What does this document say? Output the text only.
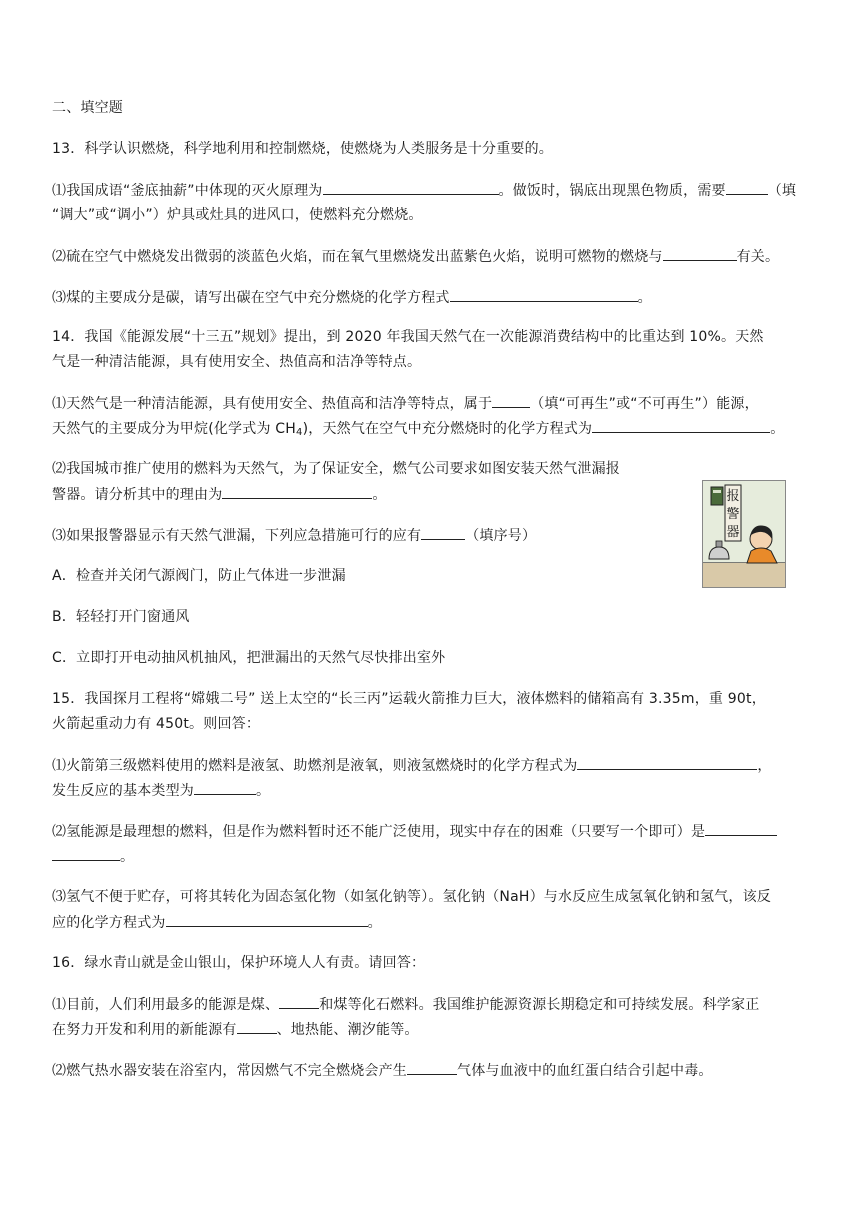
二、填空题
13．科学认识燃烧，科学地利用和控制燃烧，使燃烧为人类服务是十分重要的。
⑴我国成语“釜底抽薪”中体现的灭火原理为	。做饭时，锅底出现黑色物质，需要	（填
“调大”或“调小”）炉具或灶具的进风口，使燃料充分燃烧。
⑵硫在空气中燃烧发出微弱的淡蓝色火焰，而在氧气里燃烧发出蓝紫色火焰，说明可燃物的燃烧与	有关。
⑶煤的主要成分是碳，请写出碳在空气中充分燃烧的化学方程式	。
14．我国《能源发展“十三五”规划》提出，到 2020 年我国天然气在一次能源消费结构中的比重达到 10%。天然
气是一种清洁能源，具有使用安全、热值高和洁净等特点。
⑴天然气是一种清洁能源，具有使用安全、热值高和洁净等特点，属于	（填“可再生”或“不可再生”）能源，
天然气的主要成分为甲烷(化学式为 $CH_4$)，天然气在空气中充分燃烧时的化学方程式为	。
⑵我国城市推广使用的燃料为天然气，为了保证安全，燃气公司要求如图安装天然气泄漏报
警器。请分析其中的理由为	。
⑶如果报警器显示有天然气泄漏，下列应急措施可行的应有	（填序号）
A．检查并关闭气源阀门，防止气体进一步泄漏
B．轻轻打开门窗通风
C．立即打开电动抽风机抽风，把泄漏出的天然气尽快排出室外
报
警
器
15．我国探月工程将“嫦娥二号” 送上太空的“长三丙”运载火箭推力巨大，液体燃料的储箱高有 3.35m，重 90t，
火箭起重动力有 450t。则回答：
⑴火箭第三级燃料使用的燃料是液氢、助燃剂是液氧，则液氢燃烧时的化学方程式为	，
发生反应的基本类型为	。
⑵氢能源是最理想的燃料，但是作为燃料暂时还不能广泛使用，现实中存在的困难（只要写一个即可）是
。
⑶氢气不便于贮存，可将其转化为固态氢化物（如氢化钠等）。氢化钠（NaH）与水反应生成氢氧化钠和氢气，该反
应的化学方程式为	。
16．绿水青山就是金山银山，保护环境人人有责。请回答：
⑴目前，人们利用最多的能源是煤、	和煤等化石燃料。我国维护能源资源长期稳定和可持续发展。科学家正
在努力开发和利用的新能源有	、地热能、潮汐能等。
⑵燃气热水器安装在浴室内，常因燃气不完全燃烧会产生	气体与血液中的血红蛋白结合引起中毒。
